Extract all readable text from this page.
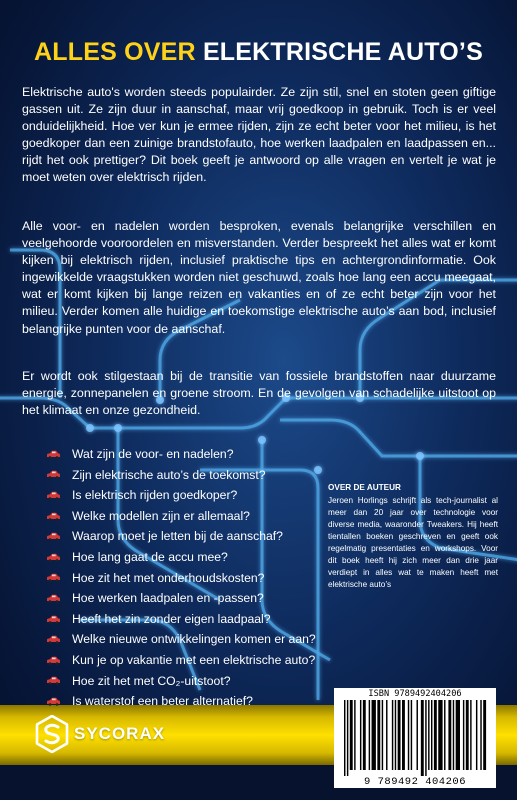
ALLES OVER ELEKTRISCHE AUTO’S

Elektrische auto's worden steeds populairder. Ze zijn stil, snel en stoten geen giftige gassen uit. Ze zijn duur in aanschaf, maar vrij goedkoop in gebruik. Toch is er veel onduidelijkheid. Hoe ver kun je ermee rijden, zijn ze echt beter voor het milieu, is het goedkoper dan een zuinige brandstofauto, hoe werken laadpalen en laadpassen en... rijdt het ook prettiger? Dit boek geeft je antwoord op alle vragen en vertelt je wat je moet weten over elektrisch rijden.

Alle voor- en nadelen worden besproken, evenals belangrijke verschillen en veelgehoorde vooroordelen en misverstanden. Verder bespreekt het alles wat er komt kijken bij elektrisch rijden, inclusief praktische tips en achtergrondinformatie. Ook ingewikkelde vraagstukken worden niet geschuwd, zoals hoe lang een accu meegaat, wat er komt kijken bij lange reizen en vakanties en of ze echt beter zijn voor het milieu. Verder komen alle huidige en toekomstige elektrische auto’s aan bod, inclusief belangrijke punten voor de aanschaf.

Er wordt ook stilgestaan bij de transitie van fossiele brandstoffen naar duurzame energie, zonnepanelen en groene stroom. En de gevolgen van schadelijke uitstoot op het klimaat en onze gezondheid.

Wat zijn de voor- en nadelen?
Zijn elektrische auto’s de toekomst?
Is elektrisch rijden goedkoper?
Welke modellen zijn er allemaal?
Waarop moet je letten bij de aanschaf?
Hoe lang gaat de accu mee?
Hoe zit het met onderhoudskosten?
Hoe werken laadpalen en -passen?
Heeft het zin zonder eigen laadpaal?
Welke nieuwe ontwikkelingen komen er aan?
Kun je op vakantie met een elektrische auto?
Hoe zit het met CO₂-uitstoot?
Is waterstof een beter alternatief?

OVER DE AUTEUR

Jeroen Horlings schrijft als tech-journalist al meer dan 20 jaar over technologie voor diverse media, waaronder Tweakers. Hij heeft tientallen boeken geschreven en geeft ook regelmatig presentaties en workshops. Voor dit boek heeft hij zich meer dan drie jaar verdiept in alles wat te maken heeft met elektrische auto’s

SYCORAX
ISBN 9789492404206
9 789492 404206
